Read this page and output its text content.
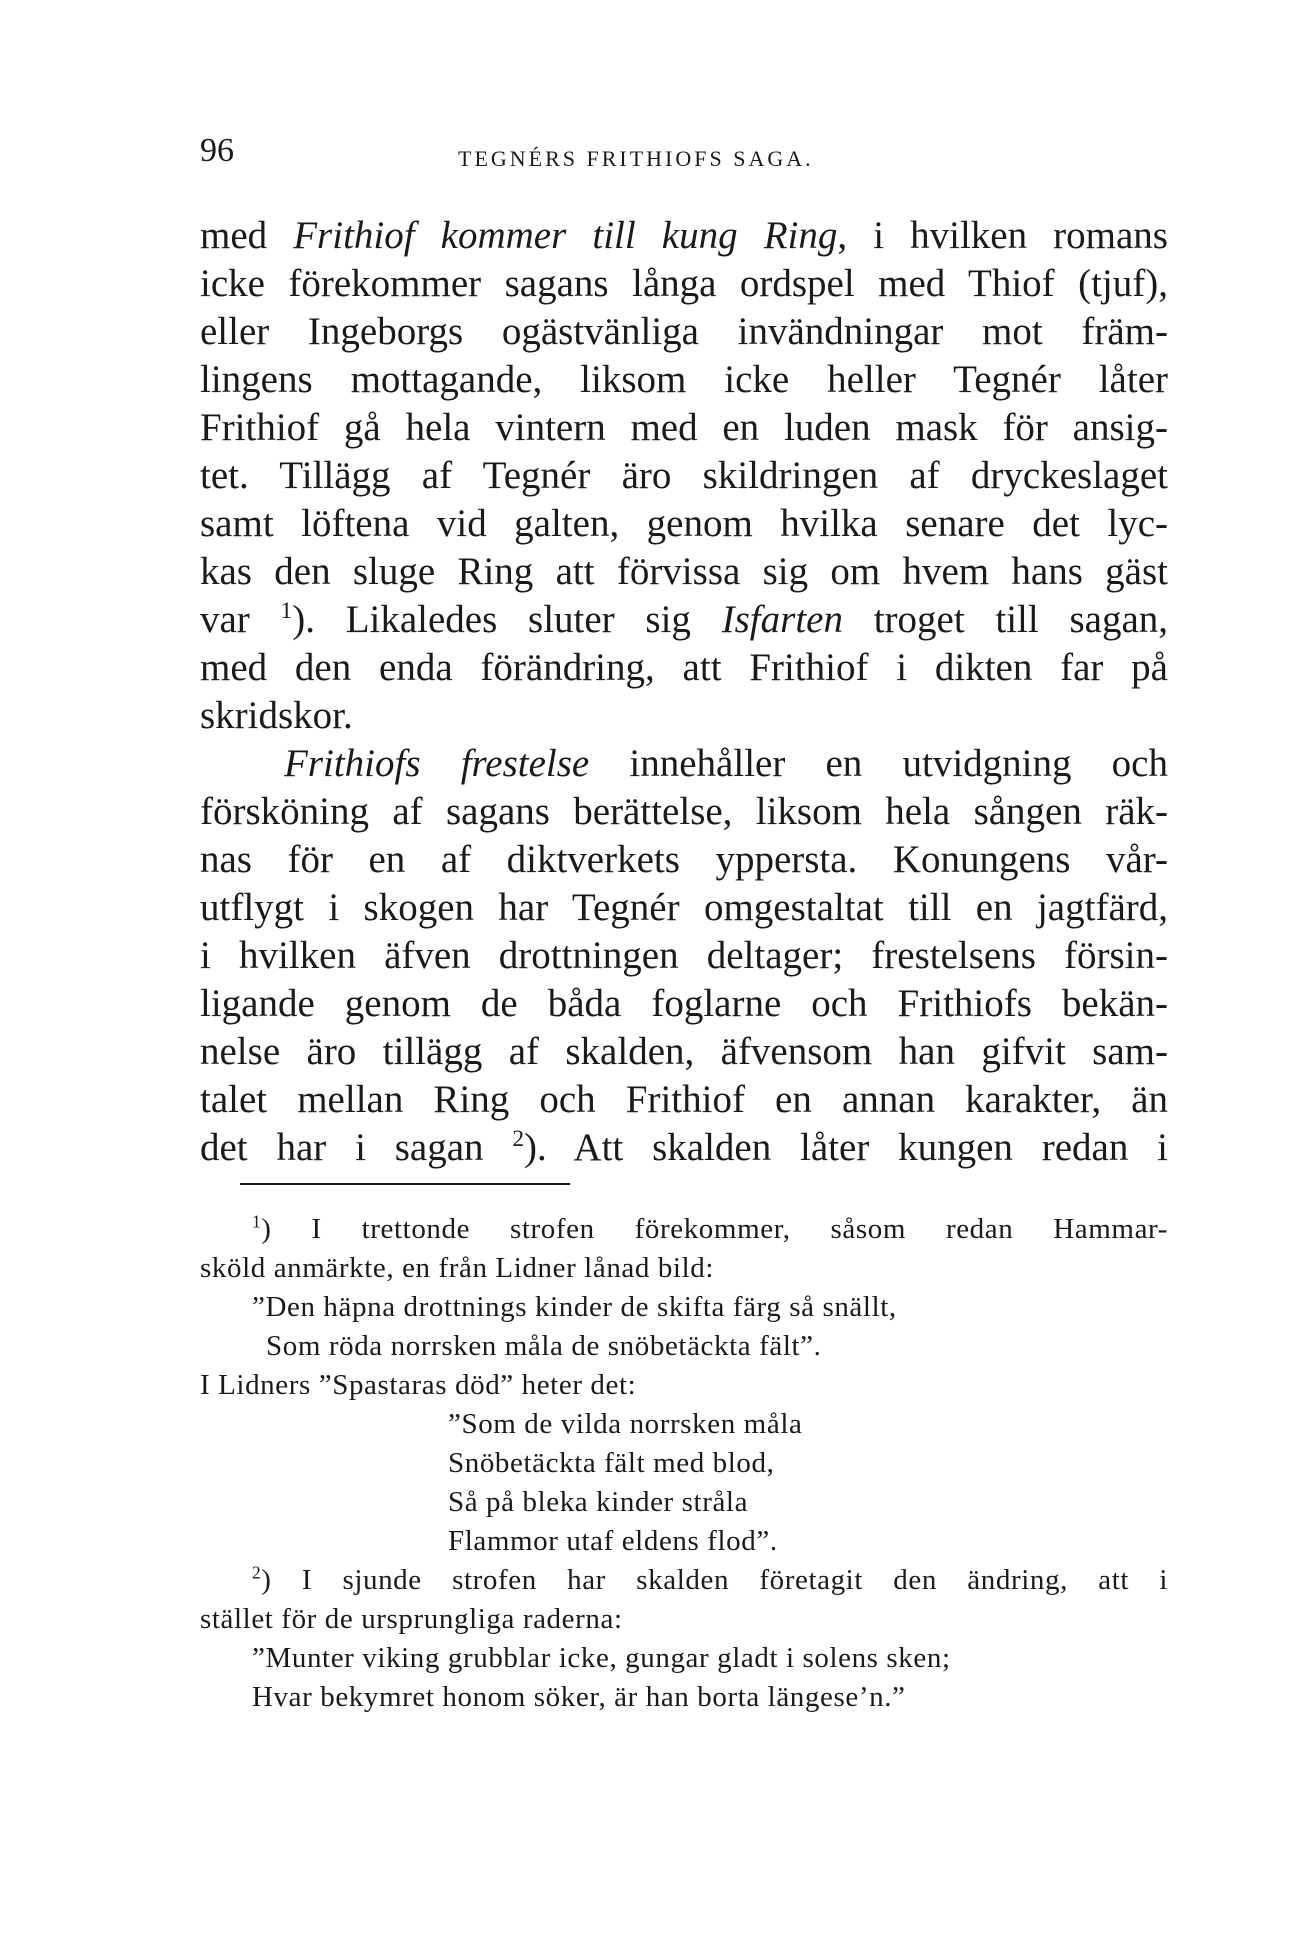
96	TEGNÉRS FRITHIOFS SAGA.
med Frithiof kommer till kung Ring, i hvilken romans
icke förekommer sagans långa ordspel med Thiof (tjuf),
eller Ingeborgs ogästvänliga invändningar mot främ-
lingens mottagande, liksom icke heller Tegnér låter
Frithiof gå hela vintern med en luden mask för ansig-
tet. Tillägg af Tegnér äro skildringen af dryckeslaget
samt löftena vid galten, genom hvilka senare det lyc-
kas den sluge Ring att förvissa sig om hvem hans gäst
var $^1$). Likaledes sluter sig Isfarten troget till sagan,
med den enda förändring, att Frithiof i dikten far på
skridskor.
Frithiofs frestelse innehåller en utvidgning och
försköning af sagans berättelse, liksom hela sången räk-
nas för en af diktverkets yppersta. Konungens vår-
utflygt i skogen har Tegnér omgestaltat till en jagtfärd,
i hvilken äfven drottningen deltager; frestelsens försin-
ligande genom de båda foglarne och Frithiofs bekän-
nelse äro tillägg af skalden, äfvensom han gifvit sam-
talet mellan Ring och Frithiof en annan karakter, än
det har i sagan $^2$). Att skalden låter kungen redan i
$^1$) I trettonde strofen förekommer, såsom redan Hammar-
sköld anmärkte, en från Lidner lånad bild:
”Den häpna drottnings kinder de skifta färg så snällt,
Som röda norrsken måla de snöbetäckta fält”.
I Lidners ”Spastaras död” heter det:
”Som de vilda norrsken måla
Snöbetäckta fält med blod,
Så på bleka kinder stråla
Flammor utaf eldens flod”.
$^2$) I sjunde strofen har skalden företagit den ändring, att i
stället för de ursprungliga raderna:
”Munter viking grubblar icke, gungar gladt i solens sken;
Hvar bekymret honom söker, är han borta längese’n.”
